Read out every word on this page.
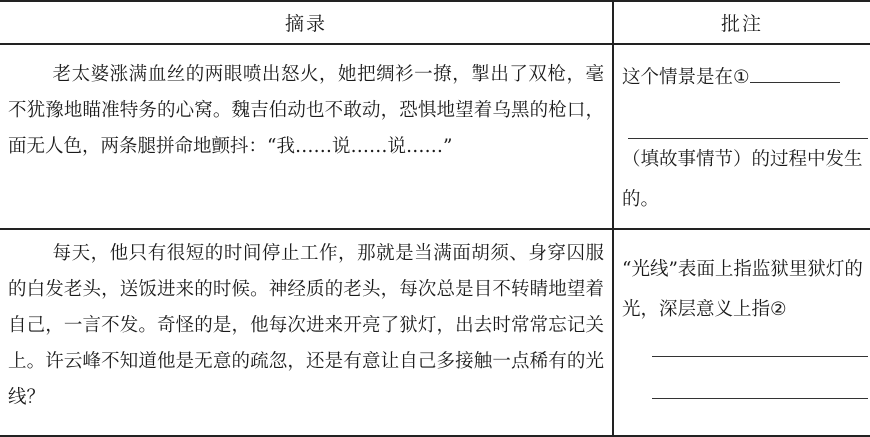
摘录	批注

老太婆涨满血丝的两眼喷出怒火，她把绸衫一撩，掣出了双枪，毫不犹豫地瞄准特务的心窝。魏吉伯动也不敢动，恐惧地望着乌黑的枪口，面无人色，两条腿拼命地颤抖：“我……说……说……”

这个情景是在①
（填故事情节）的过程中发生的。

每天，他只有很短的时间停止工作，那就是当满面胡须、身穿囚服的白发老头，送饭进来的时候。神经质的老头，每次总是目不转睛地望着自己，一言不发。奇怪的是，他每次进来开亮了狱灯，出去时常常忘记关上。许云峰不知道他是无意的疏忽，还是有意让自己多接触一点稀有的光线？

“光线”表面上指监狱里狱灯的光，深层意义上指②
